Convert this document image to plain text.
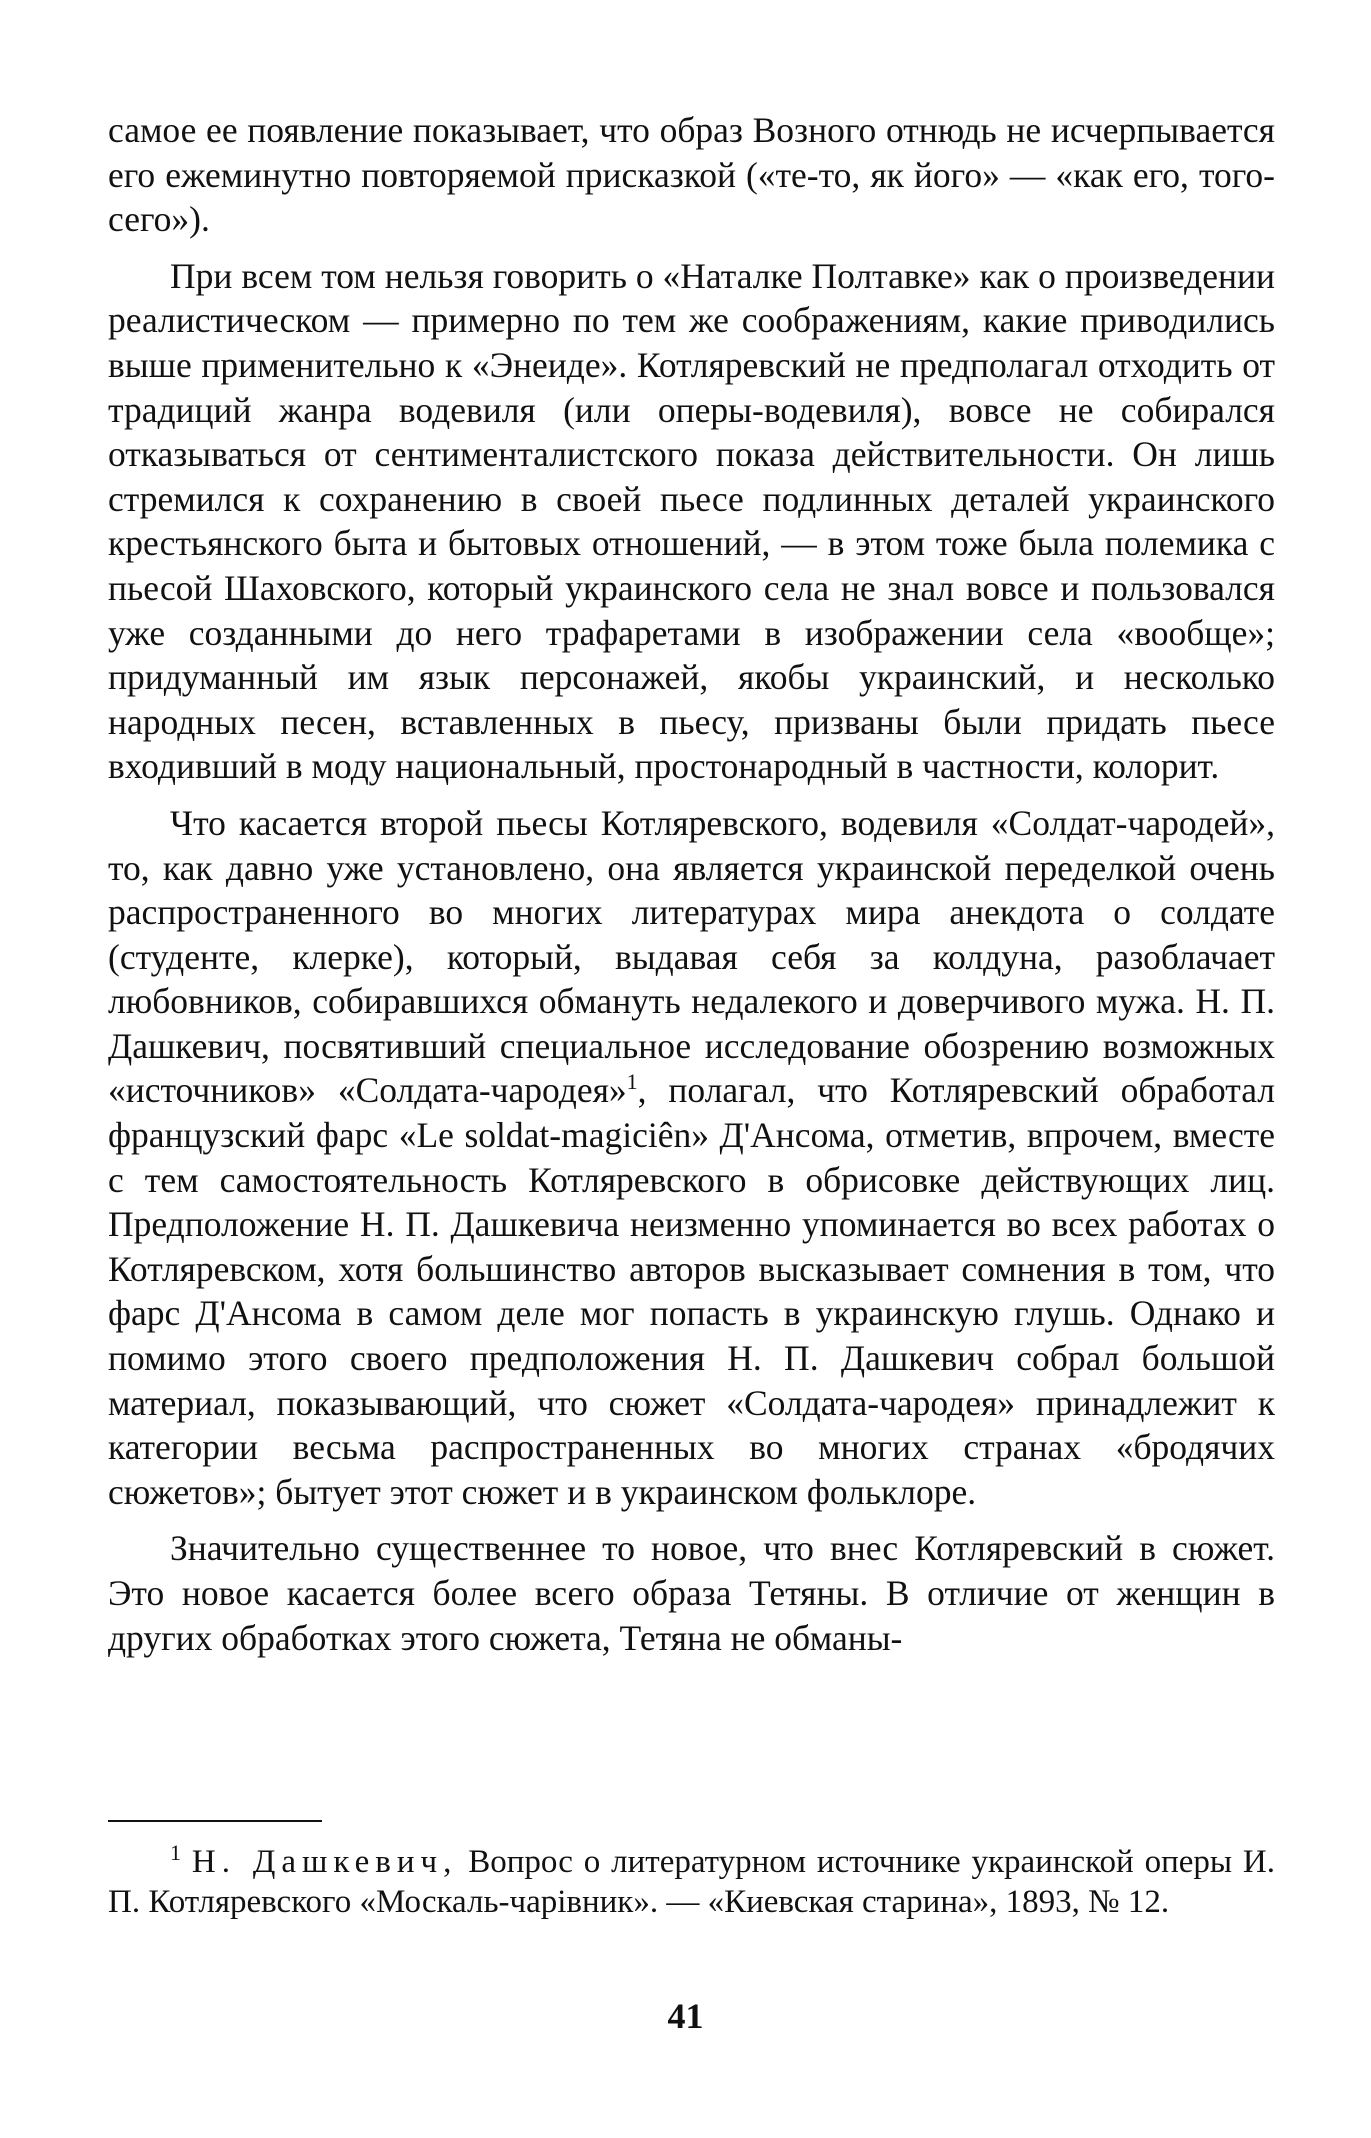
самое ее появление показывает, что образ Возного отнюдь не исчерпывается его ежеминутно повторяемой присказкой («те-то, як його» — «как его, того-сего»).

При всем том нельзя говорить о «Наталке Полтавке» как о произведении реалистическом — примерно по тем же соображениям, какие приводились выше применительно к «Энеиде». Котляревский не предполагал отходить от традиций жанра водевиля (или оперы-водевиля), вовсе не собирался отказываться от сентименталистского показа действительности. Он лишь стремился к сохранению в своей пьесе подлинных деталей украинского крестьянского быта и бытовых отношений, — в этом тоже была полемика с пьесой Шаховского, который украинского села не знал вовсе и пользовался уже созданными до него трафаретами в изображении села «вообще»; придуманный им язык персонажей, якобы украинский, и несколько народных песен, вставленных в пьесу, призваны были придать пьесе входивший в моду национальный, простонародный в частности, колорит.

Что касается второй пьесы Котляревского, водевиля «Солдат-чародей», то, как давно уже установлено, она является украинской переделкой очень распространенного во многих литературах мира анекдота о солдате (студенте, клерке), который, выдавая себя за колдуна, разоблачает любовников, собиравшихся обмануть недалекого и доверчивого мужа. Н. П. Дашкевич, посвятивший специальное исследование обозрению возможных «источников» «Солдата-чародея»$^1$, полагал, что Котляревский обработал французский фарс «Le soldat-magiciên» Д'Ансома, отметив, впрочем, вместе с тем самостоятельность Котляревского в обрисовке действующих лиц. Предположение Н. П. Дашкевича неизменно упоминается во всех работах о Котляревском, хотя большинство авторов высказывает сомнения в том, что фарс Д'Ансома в самом деле мог попасть в украинскую глушь. Однако и помимо этого своего предположения Н. П. Дашкевич собрал большой материал, показывающий, что сюжет «Солдата-чародея» принадлежит к категории весьма распространенных во многих странах «бродячих сюжетов»; бытует этот сюжет и в украинском фольклоре.

Значительно существеннее то новое, что внес Котляревский в сюжет. Это новое касается более всего образа Тетяны. В отличие от женщин в других обработках этого сюжета, Тетяна не обманы-

$^1$ Н. Дашкевич, Вопрос о литературном источнике украинской оперы И. П. Котляревского «Москаль-чарівник». — «Киевская старина», 1893, № 12.

41
